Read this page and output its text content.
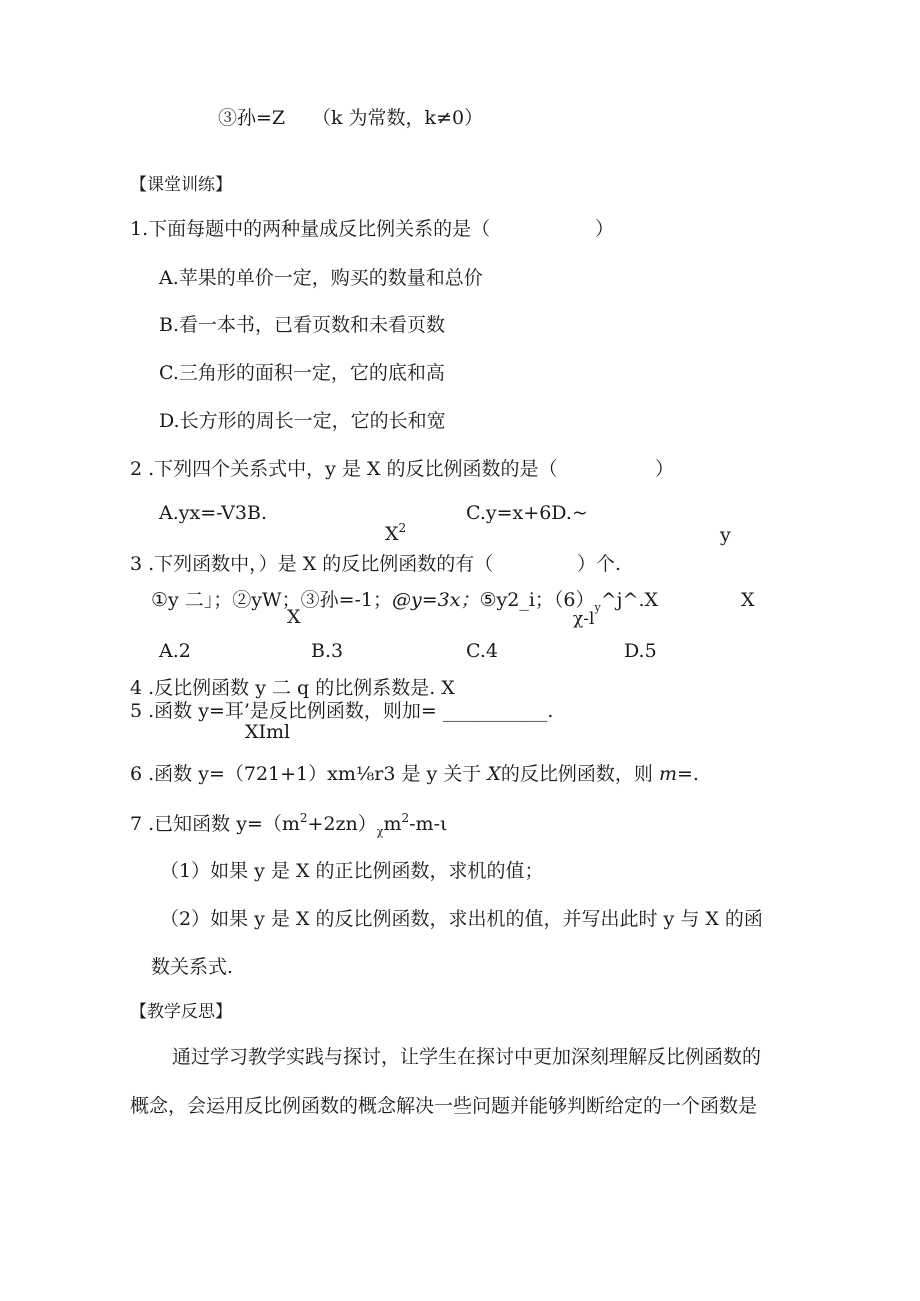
③孙=Z （k 为常数，k≠0）
【课堂训练】
1.下面每题中的两种量成反比例关系的是（	）
A.苹果的单价一定，购买的数量和总价
B.看一本书，已看页数和未看页数
C.三角形的面积一定，它的底和高
D.长方形的周长一定，它的长和宽
2 .下列四个关系式中，y 是 X 的反比例函数的是（	）
A.yx=-V3B.	C.y=x+6D.~
$X^2$	y
3 .下列函数中，）是 X 的反比例函数的有（	）个.
①y 二」；②yW；③孙=-1；@y=3x；⑤y2_i；$(6)_y\^{}j\^{}.X$	X
X	χ-l
A.2	B.3	C.4	D.5
4 .反比例函数 y 二 q 的比例系数是. X
5 .函数 y=耳’是反比例函数，则加= ___________.
XIml
6 .函数 y=（721+1）xm⅛r3 是 y 关于 X的反比例函数，则 m=.
7 .已知函数 $y=(m^2+2zn)_\chi m^2-m-\iota$
（1）如果 y 是 X 的正比例函数，求机的值；
（2）如果 y 是 X 的反比例函数，求出机的值，并写出此时 y 与 X 的函
数关系式.
【教学反思】
通过学习教学实践与探讨，让学生在探讨中更加深刻理解反比例函数的
概念，会运用反比例函数的概念解决一些问题并能够判断给定的一个函数是
